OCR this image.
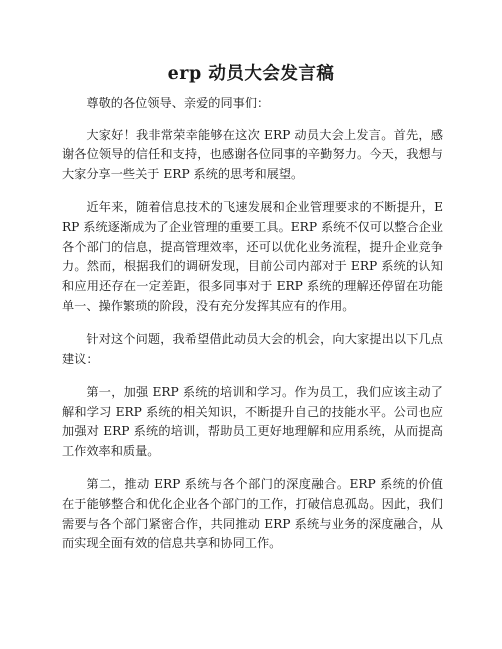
erp 动员大会发言稿

尊敬的各位领导、亲爱的同事们：

大家好！我非常荣幸能够在这次 ERP 动员大会上发言。首先，感谢各位领导的信任和支持，也感谢各位同事的辛勤努力。今天，我想与大家分享一些关于 ERP 系统的思考和展望。

近年来，随着信息技术的飞速发展和企业管理要求的不断提升，ERP 系统逐渐成为了企业管理的重要工具。ERP 系统不仅可以整合企业各个部门的信息，提高管理效率，还可以优化业务流程，提升企业竞争力。然而，根据我们的调研发现，目前公司内部对于 ERP 系统的认知和应用还存在一定差距，很多同事对于 ERP 系统的理解还停留在功能单一、操作繁琐的阶段，没有充分发挥其应有的作用。

针对这个问题，我希望借此动员大会的机会，向大家提出以下几点建议：

第一，加强 ERP 系统的培训和学习。作为员工，我们应该主动了解和学习 ERP 系统的相关知识，不断提升自己的技能水平。公司也应加强对 ERP 系统的培训，帮助员工更好地理解和应用系统，从而提高工作效率和质量。

第二，推动 ERP 系统与各个部门的深度融合。ERP 系统的价值在于能够整合和优化企业各个部门的工作，打破信息孤岛。因此，我们需要与各个部门紧密合作，共同推动 ERP 系统与业务的深度融合，从而实现全面有效的信息共享和协同工作。
